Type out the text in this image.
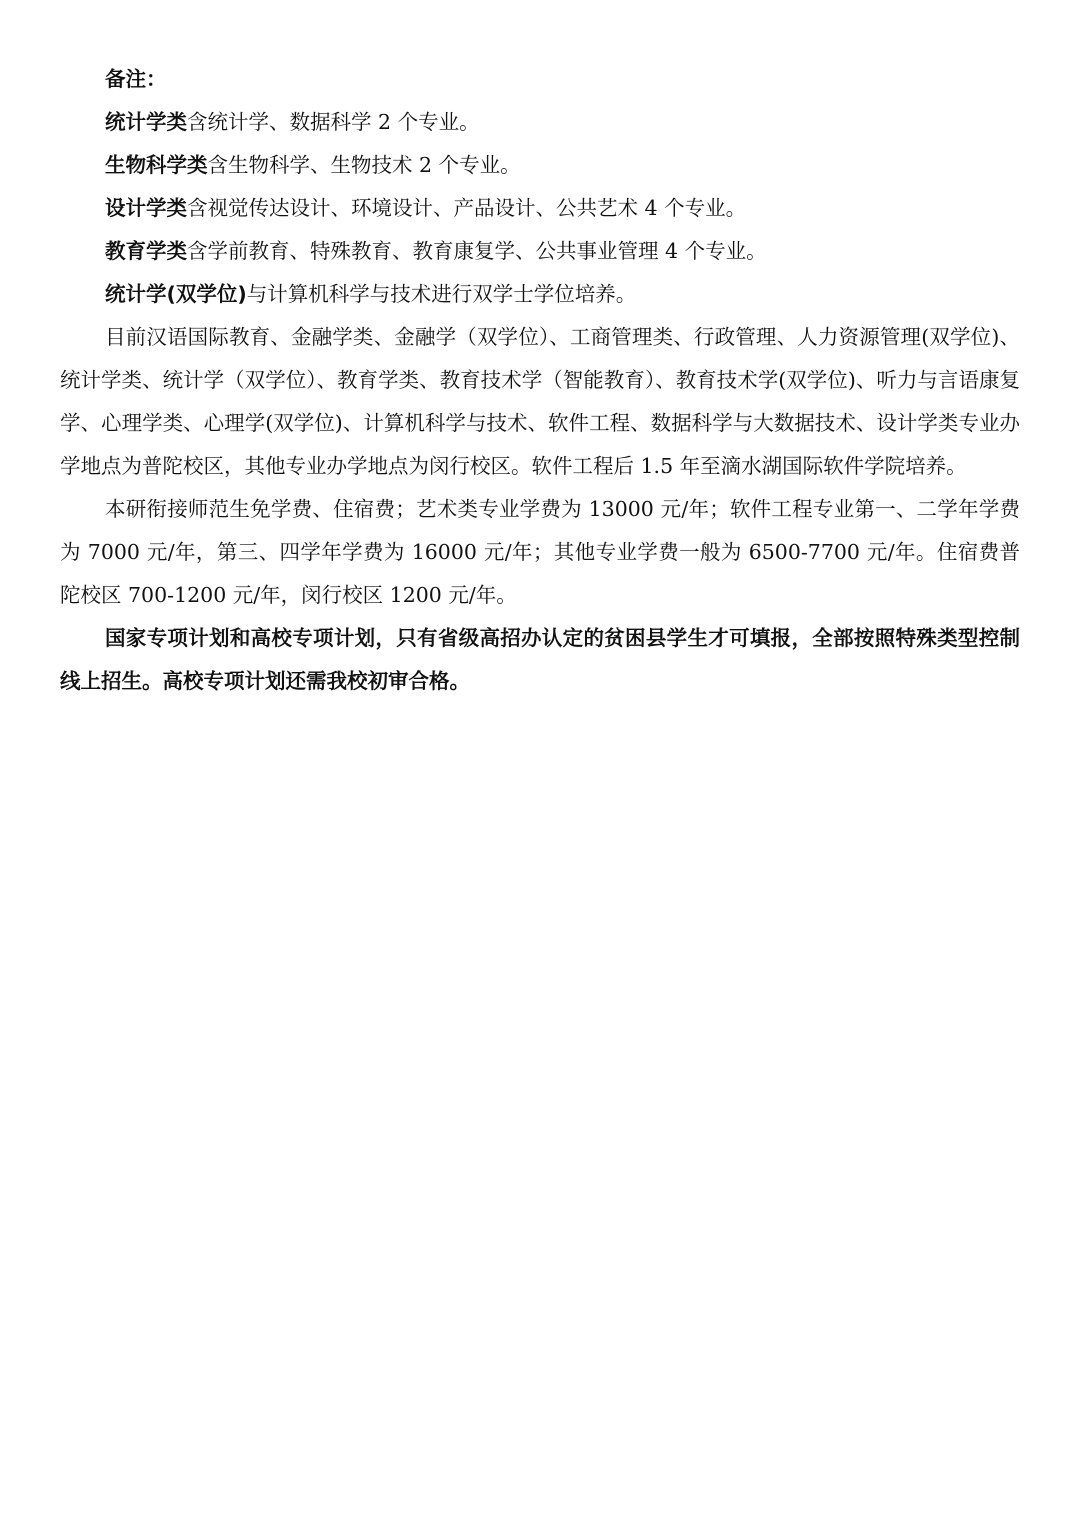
备注：

统计学类含统计学、数据科学 2 个专业。

生物科学类含生物科学、生物技术 2 个专业。

设计学类含视觉传达设计、环境设计、产品设计、公共艺术 4 个专业。

教育学类含学前教育、特殊教育、教育康复学、公共事业管理 4 个专业。

统计学(双学位)与计算机科学与技术进行双学士学位培养。

目前汉语国际教育、金融学类、金融学（双学位）、工商管理类、行政管理、人力资源管理(双学位)、统计学类、统计学（双学位）、教育学类、教育技术学（智能教育）、教育技术学(双学位)、听力与言语康复学、心理学类、心理学(双学位)、计算机科学与技术、软件工程、数据科学与大数据技术、设计学类专业办学地点为普陀校区，其他专业办学地点为闵行校区。软件工程后 1.5 年至滴水湖国际软件学院培养。

本研衔接师范生免学费、住宿费；艺术类专业学费为 13000 元/年；软件工程专业第一、二学年学费为 7000 元/年，第三、四学年学费为 16000 元/年；其他专业学费一般为 6500-7700 元/年。住宿费普陀校区 700-1200 元/年，闵行校区 1200 元/年。

国家专项计划和高校专项计划，只有省级高招办认定的贫困县学生才可填报，全部按照特殊类型控制线上招生。高校专项计划还需我校初审合格。
